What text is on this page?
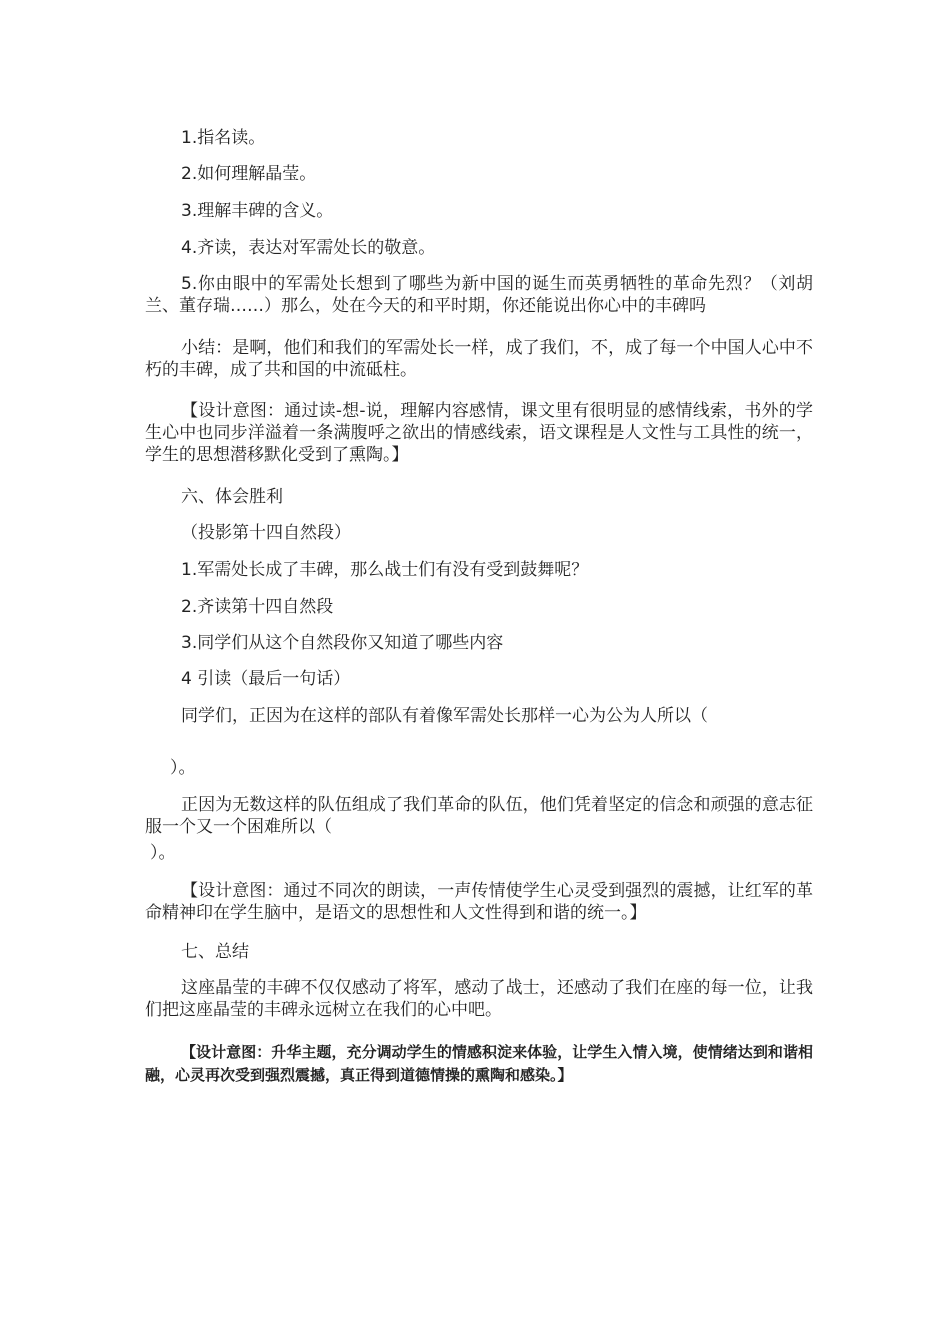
1.指名读。
2.如何理解晶莹。
3.理解丰碑的含义。
4.齐读，表达对军需处长的敬意。
5.你由眼中的军需处长想到了哪些为新中国的诞生而英勇牺牲的革命先烈？（刘胡兰、董存瑞……）那么，处在今天的和平时期，你还能说出你心中的丰碑吗
小结：是啊，他们和我们的军需处长一样，成了我们，不，成了每一个中国人心中不朽的丰碑，成了共和国的中流砥柱。
【设计意图：通过读-想-说，理解内容感情，课文里有很明显的感情线索，书外的学生心中也同步洋溢着一条满腹呼之欲出的情感线索，语文课程是人文性与工具性的统一，学生的思想潜移默化受到了熏陶。】
六、体会胜利
（投影第十四自然段）
1.军需处长成了丰碑，那么战士们有没有受到鼓舞呢？
2.齐读第十四自然段
3.同学们从这个自然段你又知道了哪些内容
4 引读（最后一句话）
同学们，正因为在这样的部队有着像军需处长那样一心为公为人所以（
）。
正因为无数这样的队伍组成了我们革命的队伍，他们凭着坚定的信念和顽强的意志征服一个又一个困难所以（
）。
【设计意图：通过不同次的朗读，一声传情使学生心灵受到强烈的震撼，让红军的革命精神印在学生脑中，是语文的思想性和人文性得到和谐的统一。】
七、总结
这座晶莹的丰碑不仅仅感动了将军，感动了战士，还感动了我们在座的每一位，让我们把这座晶莹的丰碑永远树立在我们的心中吧。
【设计意图：升华主题，充分调动学生的情感积淀来体验，让学生入情入境，使情绪达到和谐相融，心灵再次受到强烈震撼，真正得到道德情操的熏陶和感染。】
